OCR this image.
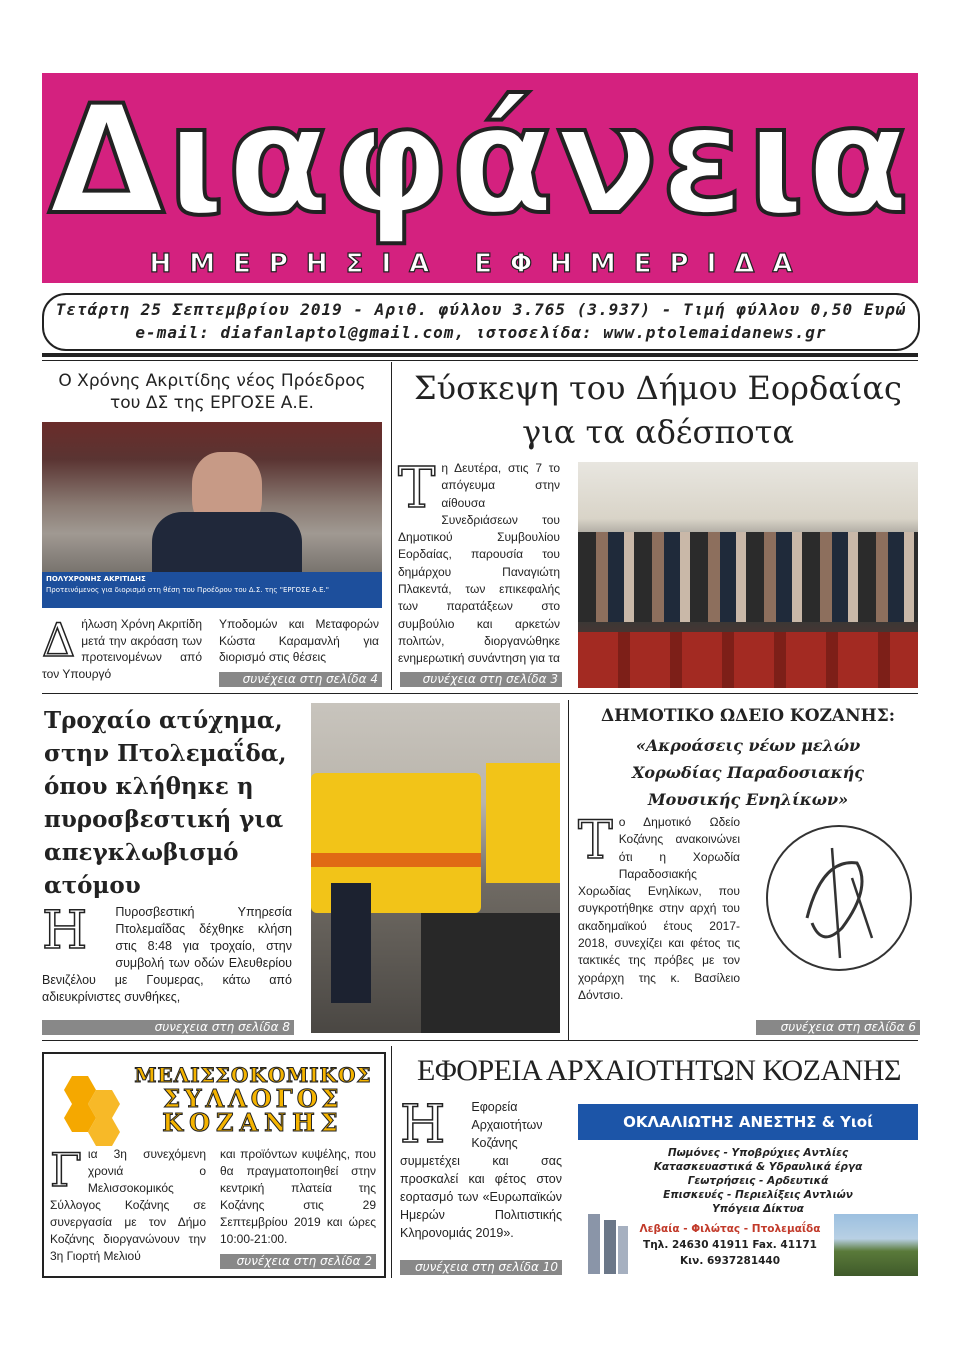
Διαφάνεια
ΗΜΕΡΗΣΙΑ ΕΦΗΜΕΡΙΔΑ
Τετάρτη 25 Σεπτεμβρίου 2019 - Αριθ. φύλλου 3.765 (3.937) - Τιμή φύλλου 0,50 Ευρώ
e-mail: diafanlaptol@gmail.com, ιστοσελίδα: www.ptolemaidanews.gr
Ο Χρόνης Ακριτίδης νέος Πρόεδρος του ΔΣ της ΕΡΓΟΣΕ Α.Ε.
ΠΟΛΥΧΡΟΝΗΣ ΑΚΡΙΤΙΔΗΣ
Προτεινόμενος για διορισμό στη θέση του Προέδρου του Δ.Σ. της "ΕΡΓΟΣΕ Α.Ε."
Δήλωση Χρόνη Ακριτίδη μετά την ακρόαση των προτεινομένων από τον Υπουργό
Υποδομών και Μεταφορών Κώστα Καραμανλή για διορισμό στις θέσεις
συνέχεια στη σελίδα 4
Σύσκεψη του Δήμου Εορδαίας για τα αδέσποτα
Τη Δευτέρα, στις 7 το απόγευμα στην αίθουσα Συνεδριάσεων του Δημοτικού Συμβουλίου Εορδαίας, παρουσία του δημάρχου Παναγιώτη Πλακεντά, των επικεφαλής των παρατάξεων στο συμβούλιο και αρκετών πολιτών, διοργανώθηκε ενημερωτική συνάντηση για τα
συνέχεια στη σελίδα 3
Τροχαίο ατύχημα, στην Πτολεμαΐδα, όπου κλήθηκε η πυροσβεστική για απεγκλωβισμό ατόμου
Η Πυροσβεστική Υπηρεσία Πτολεμαΐδας δέχθηκε κλήση στις 8:48 για τροχαίο, στην συμβολή των οδών Ελευθερίου Βενιζέλου με Γουμερας, κάτω από αδιευκρίνιστες συνθήκες,
συνεχεια στη σελίδα 8
ΔΗΜΟΤΙΚΟ ΩΔΕΙΟ ΚΟΖΑΝΗΣ:
«Ακροάσεις νέων μελών Χορωδίας Παραδοσιακής Μουσικής Ενηλίκων»
Το Δημοτικό Ωδείο Κοζάνης ανακοινώνει ότι η Χορωδία Παραδοσιακής Χορωδίας Ενηλίκων, που συγκροτήθηκε στην αρχή του ακαδημαϊκού έτους 2017-2018, συνεχίζει και φέτος τις τακτικές της πρόβες με τον χοράρχη της κ. Βασίλειο Δόντσιο.
συνέχεια στη σελίδα 6
ΜΕΛΙΣΣΟΚΟΜΙΚΟΣ
ΣΥΛΛΟΓΟΣ
ΚΟΖΑΝΗΣ
Για 3η συνεχόμενη χρονιά ο Μελισσοκομικός Σύλλογος Κοζάνης σε συνεργασία με τον Δήμο Κοζάνης διοργανώνουν την 3η Γιορτή Μελιού
και προϊόντων κυψέλης, που θα πραγματοποιηθεί στην κεντρική πλατεία της Κοζάνης στις 29 Σεπτεμβρίου 2019 και ώρες 10:00-21:00.
συνέχεια στη σελίδα 2
ΕΦΟΡΕΙΑ ΑΡΧΑΙΟΤΗΤΩΝ ΚΟΖΑΝΗΣ
Η Εφορεία Αρχαιοτήτων Κοζάνης συμμετέχει και σας προσκαλεί και φέτος στον εορτασμό των «Ευρωπαϊκών Ημερών Πολιτιστικής Κληρονομιάς 2019».
συνέχεια στη σελίδα 10
ΟΚΛΑΛΙΩΤΗΣ ΑΝΕΣΤΗΣ & Υιοί
Πωμόνες - Υποβρύχιες Αντλίες
Κατασκευαστικά & Υδραυλικά έργα
Γεωτρήσεις - Αρδευτικά
Επισκευές - Περιελίξεις Αντλιών
Υπόγεια Δίκτυα
Λεβαία - Φιλώτας - Πτολεμαΐδα
Τηλ. 24630 41911 Fax. 41171
Κιν. 6937281440
